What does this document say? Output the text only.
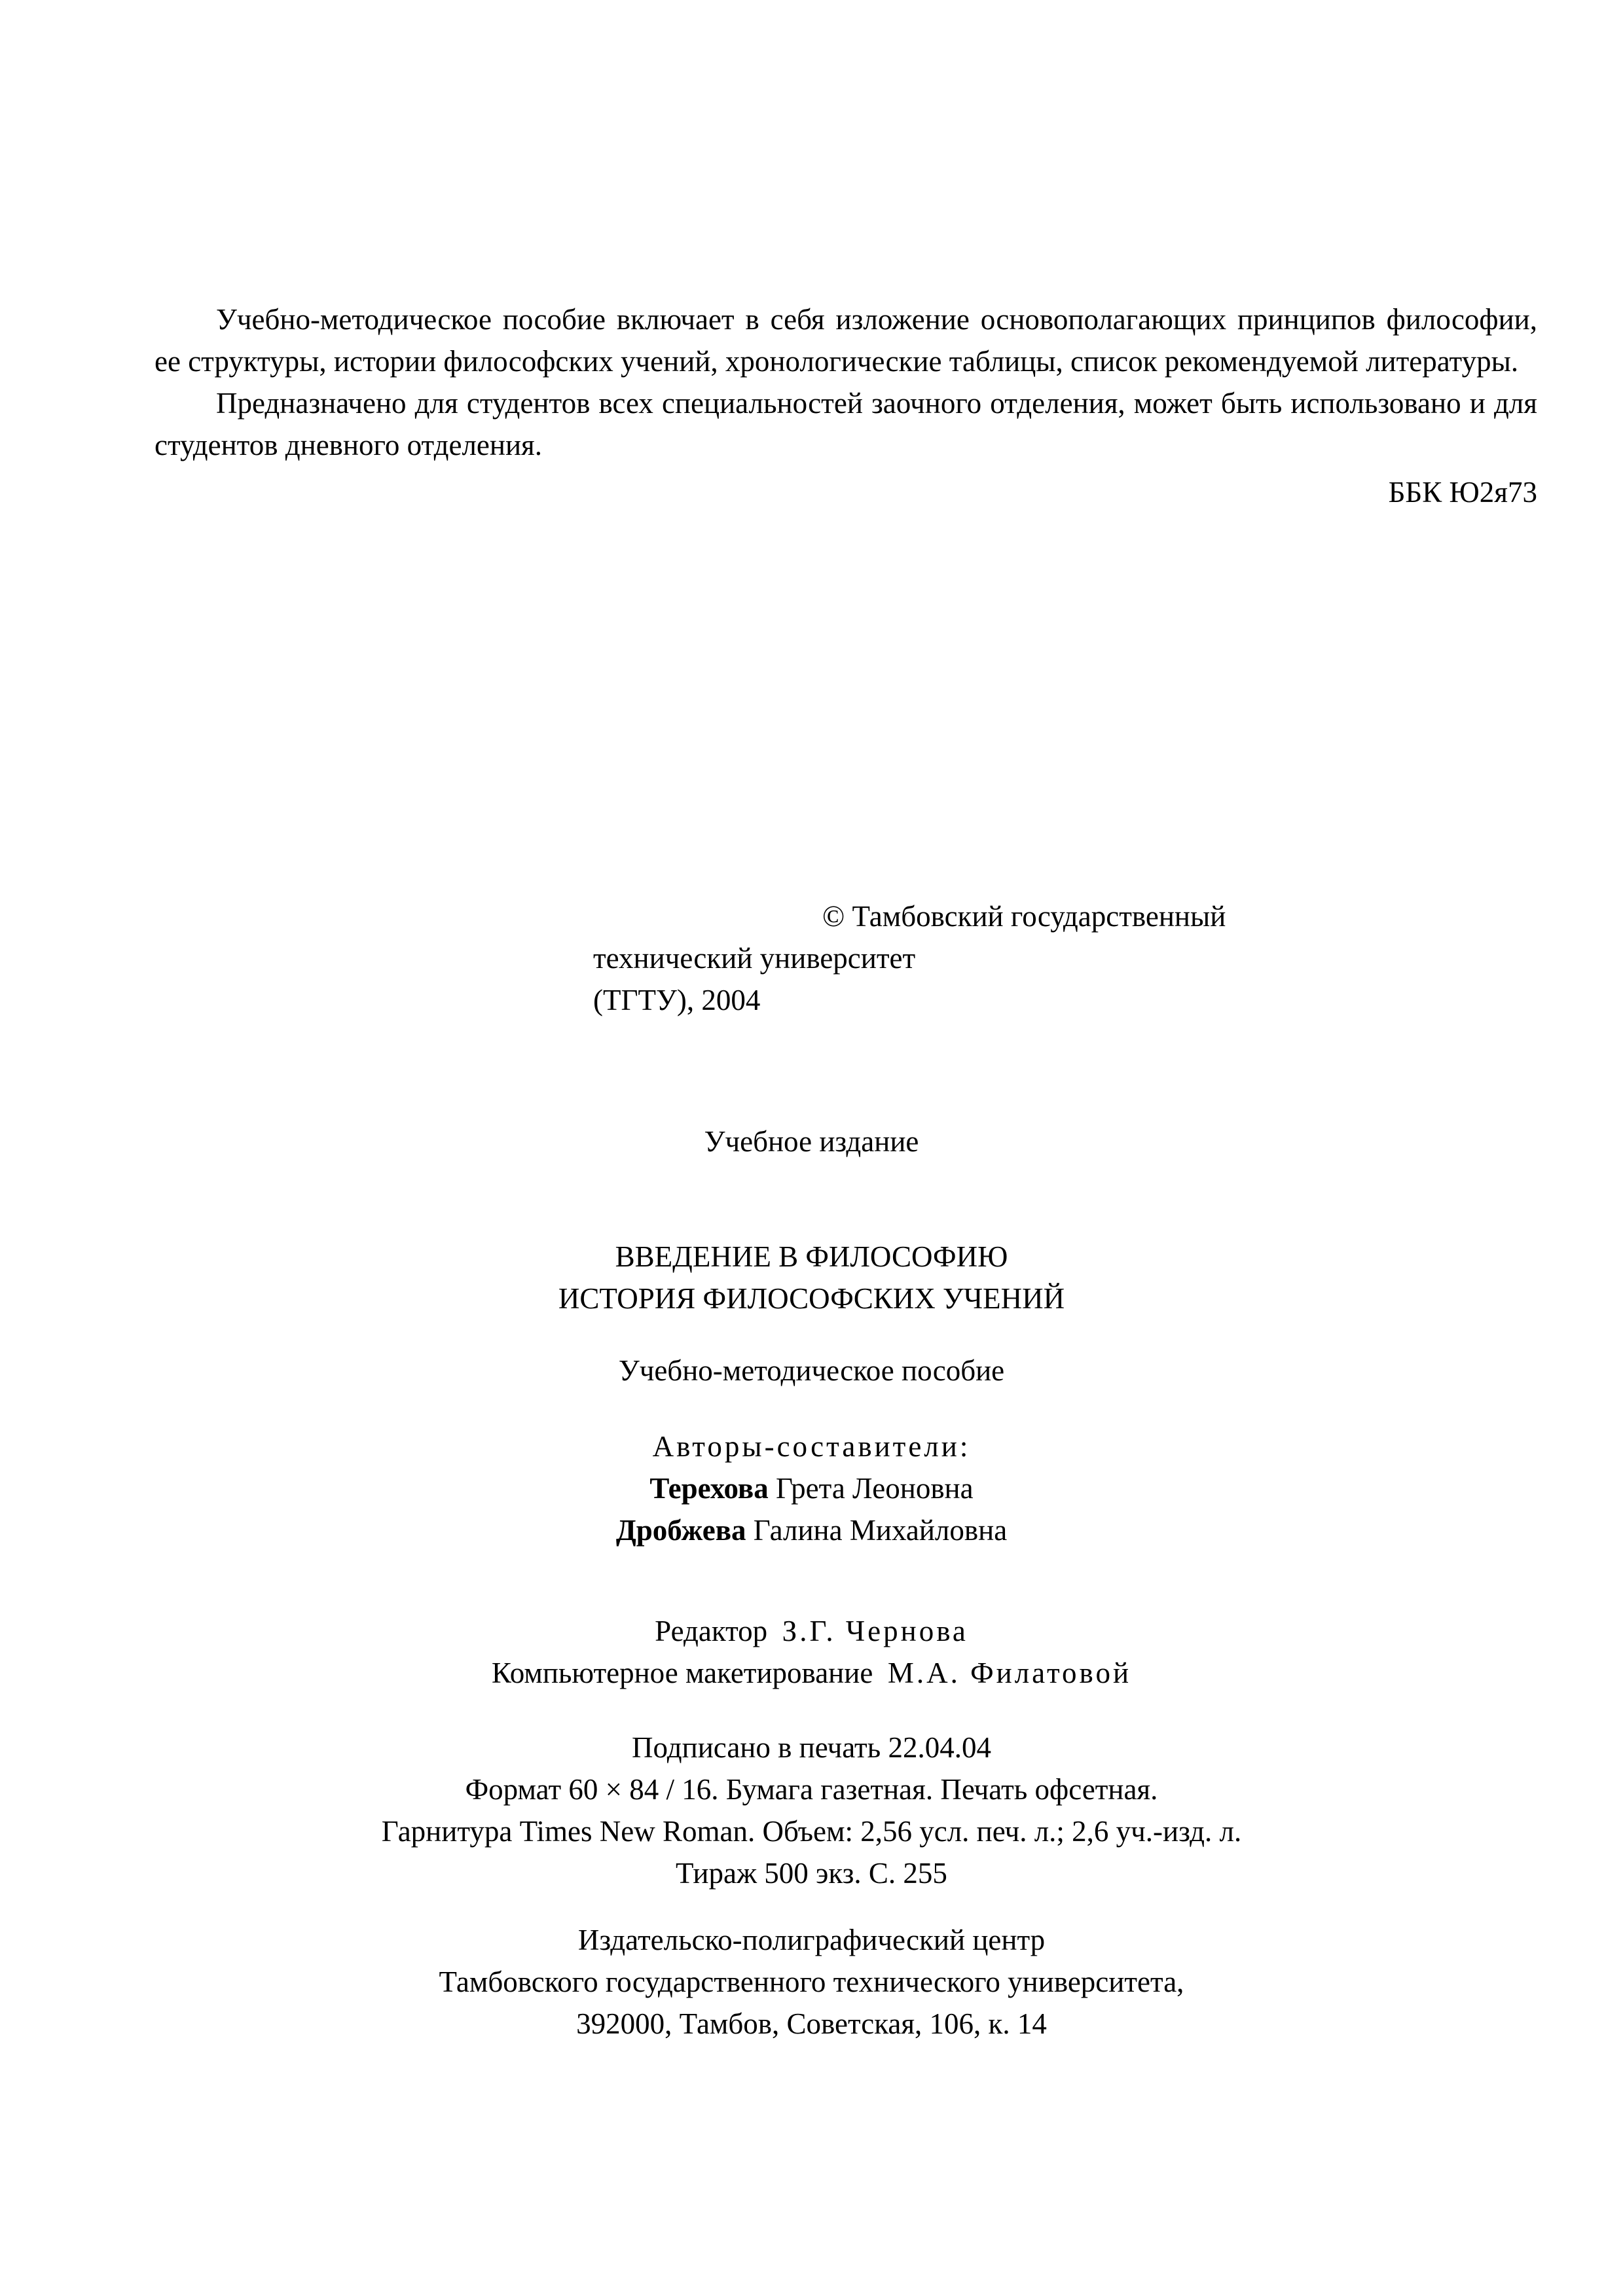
Учебно-методическое пособие включает в себя изложение основополагающих принципов философии, ее структуры, истории философских учений, хронологические таблицы, список рекомендуемой литературы.

Предназначено для студентов всех специальностей заочного отделения, может быть использовано и для студентов дневного отделения.

ББК Ю2я73

© Тамбовский государственный
технический университет
(ТГТУ), 2004
Учебное издание
ВВЕДЕНИЕ В ФИЛОСОФИЮ
ИСТОРИЯ ФИЛОСОФСКИХ УЧЕНИЙ
Учебно-методическое пособие
Авторы-составители:
Терехова Грета Леоновна
Дробжева Галина Михайловна
Редактор З.Г. Чернова
Компьютерное макетирование М.А. Филатовой
Подписано в печать 22.04.04
Формат 60 × 84 / 16. Бумага газетная. Печать офсетная.
Гарнитура Times New Roman. Объем: 2,56 усл. печ. л.; 2,6 уч.-изд. л.
Тираж 500 экз. С. 255
Издательско-полиграфический центр
Тамбовского государственного технического университета,
392000, Тамбов, Советская, 106, к. 14
